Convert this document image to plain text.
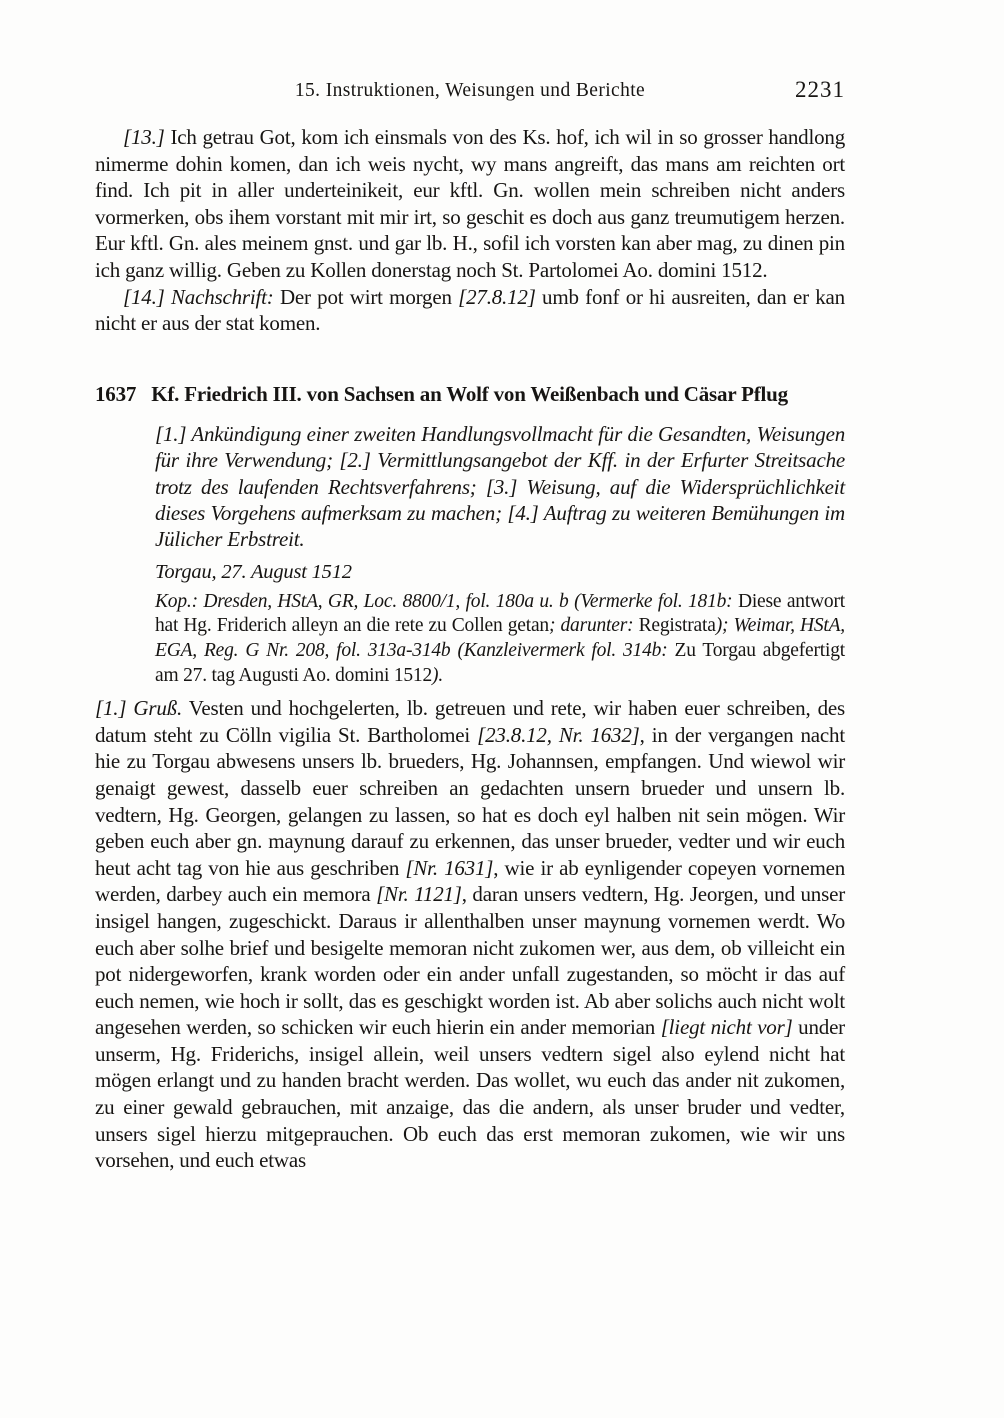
15. Instruktionen, Weisungen und Berichte	2231

[13.] Ich getrau Got, kom ich einsmals von des Ks. hof, ich wil in so grosser handlong nimerme dohin komen, dan ich weis nycht, wy mans angreift, das mans am reichten ort find. Ich pit in aller underteinikeit, eur kftl. Gn. wollen mein schreiben nicht anders vormerken, obs ihem vorstant mit mir irt, so geschit es doch aus ganz treumutigem herzen. Eur kftl. Gn. ales meinem gnst. und gar lb. H., sofil ich vorsten kan aber mag, zu dinen pin ich ganz willig. Geben zu Kollen donerstag noch St. Partolomei Ao. domini 1512.

[14.] Nachschrift: Der pot wirt morgen [27.8.12] umb fonf or hi ausreiten, dan er kan nicht er aus der stat komen.

1637 Kf. Friedrich III. von Sachsen an Wolf von Weißenbach und Cäsar Pflug

[1.] Ankündigung einer zweiten Handlungsvollmacht für die Gesandten, Weisungen für ihre Verwendung; [2.] Vermittlungsangebot der Kff. in der Erfurter Streitsache trotz des laufenden Rechtsverfahrens; [3.] Weisung, auf die Widersprüchlichkeit dieses Vorgehens aufmerksam zu machen; [4.] Auftrag zu weiteren Bemühungen im Jülicher Erbstreit.

Torgau, 27. August 1512

Kop.: Dresden, HStA, GR, Loc. 8800/1, fol. 180a u. b (Vermerke fol. 181b: Diese antwort hat Hg. Friderich alleyn an die rete zu Collen getan; darunter: Registrata); Weimar, HStA, EGA, Reg. G Nr. 208, fol. 313a-314b (Kanzleivermerk fol. 314b: Zu Torgau abgefertigt am 27. tag Augusti Ao. domini 1512).

[1.] Gruß. Vesten und hochgelerten, lb. getreuen und rete, wir haben euer schreiben, des datum steht zu Cölln vigilia St. Bartholomei [23.8.12, Nr. 1632], in der vergangen nacht hie zu Torgau abwesens unsers lb. brueders, Hg. Johannsen, empfangen. Und wiewol wir genaigt gewest, dasselb euer schreiben an gedachten unsern brueder und unsern lb. vedtern, Hg. Georgen, gelangen zu lassen, so hat es doch eyl halben nit sein mögen. Wir geben euch aber gn. maynung darauf zu erkennen, das unser brueder, vedter und wir euch heut acht tag von hie aus geschriben [Nr. 1631], wie ir ab eynligender copeyen vornemen werden, darbey auch ein memora [Nr. 1121], daran unsers vedtern, Hg. Jeorgen, und unser insigel hangen, zugeschickt. Daraus ir allenthalben unser maynung vornemen werdt. Wo euch aber solhe brief und besigelte memoran nicht zukomen wer, aus dem, ob villeicht ein pot nidergeworfen, krank worden oder ein ander unfall zugestanden, so möcht ir das auf euch nemen, wie hoch ir sollt, das es geschigkt worden ist. Ab aber solichs auch nicht wolt angesehen werden, so schicken wir euch hierin ein ander memorian [liegt nicht vor] under unserm, Hg. Friderichs, insigel allein, weil unsers vedtern sigel also eylend nicht hat mögen erlangt und zu handen bracht werden. Das wollet, wu euch das ander nit zukomen, zu einer gewald gebrauchen, mit anzaige, das die andern, als unser bruder und vedter, unsers sigel hierzu mitgeprauchen. Ob euch das erst memoran zukomen, wie wir uns vorsehen, und euch etwas
